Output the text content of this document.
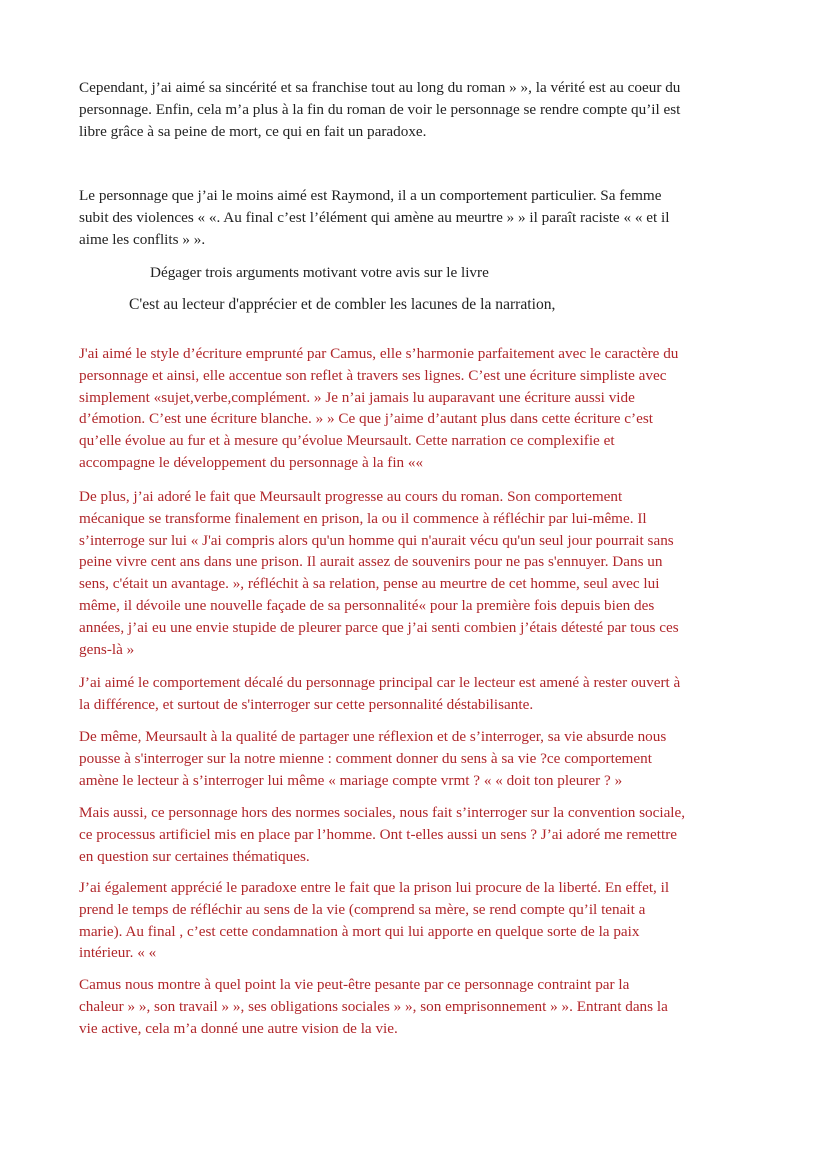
Cependant, j’ai aimé sa sincérité et sa franchise tout au long du roman » », la vérité est au coeur du
personnage. Enfin, cela m’a plus à la fin du roman de voir le personnage se rendre compte qu’il est
libre grâce à sa peine de mort, ce qui en fait un paradoxe.

Le personnage que j’ai le moins aimé est Raymond, il a un comportement particulier. Sa femme
subit des violences « «. Au final c’est l’élément qui amène au meurtre » » il paraît raciste « « et il
aime les conflits » ».

Dégager trois arguments motivant votre avis sur le livre

C'est au lecteur d'apprécier et de combler les lacunes de la narration,

J'ai aimé le style d’écriture emprunté par Camus, elle s’harmonie parfaitement avec le caractère du
personnage et ainsi, elle accentue son reflet à travers ses lignes. C’est une écriture simpliste avec
simplement «sujet,verbe,complément. » Je n’ai jamais lu auparavant une écriture aussi vide
d’émotion. C’est une écriture blanche. » » Ce que j’aime d’autant plus dans cette écriture c’est
qu’elle évolue au fur et à mesure qu’évolue Meursault. Cette narration ce complexifie et
accompagne le développement du personnage à la fin ««

De plus, j’ai adoré le fait que Meursault progresse au cours du roman. Son comportement
mécanique se transforme finalement en prison, la ou il commence à réfléchir par lui-même. Il
s’interroge sur lui « J'ai compris alors qu'un homme qui n'aurait vécu qu'un seul jour pourrait sans
peine vivre cent ans dans une prison. Il aurait assez de souvenirs pour ne pas s'ennuyer. Dans un
sens, c'était un avantage. », réfléchit à sa relation, pense au meurtre de cet homme, seul avec lui
même, il dévoile une nouvelle façade de sa personnalité« pour la première fois depuis bien des
années, j’ai eu une envie stupide de pleurer parce que j’ai senti combien j’étais détesté par tous ces
gens-là »

J’ai aimé le comportement décalé du personnage principal car le lecteur est amené à rester ouvert à
la différence, et surtout de s'interroger sur cette personnalité déstabilisante.

De même, Meursault à la qualité de partager une réflexion et de s’interroger, sa vie absurde nous
pousse à s'interroger sur la notre mienne : comment donner du sens à sa vie ?ce comportement
amène le lecteur à s’interroger lui même « mariage compte vrmt ? « « doit ton pleurer ? »

Mais aussi, ce personnage hors des normes sociales, nous fait s’interroger sur la convention sociale,
ce processus artificiel mis en place par l’homme. Ont t-elles aussi un sens ? J’ai adoré me remettre
en question sur certaines thématiques.

J’ai également apprécié le paradoxe entre le fait que la prison lui procure de la liberté. En effet, il
prend le temps de réfléchir au sens de la vie (comprend sa mère, se rend compte qu’il tenait a
marie). Au final , c’est cette condamnation à mort qui lui apporte en quelque sorte de la paix
intérieur. « «

Camus nous montre à quel point la vie peut-être pesante par ce personnage contraint par la
chaleur » », son travail » », ses obligations sociales » », son emprisonnement » ». Entrant dans la
vie active, cela m’a donné une autre vision de la vie.
